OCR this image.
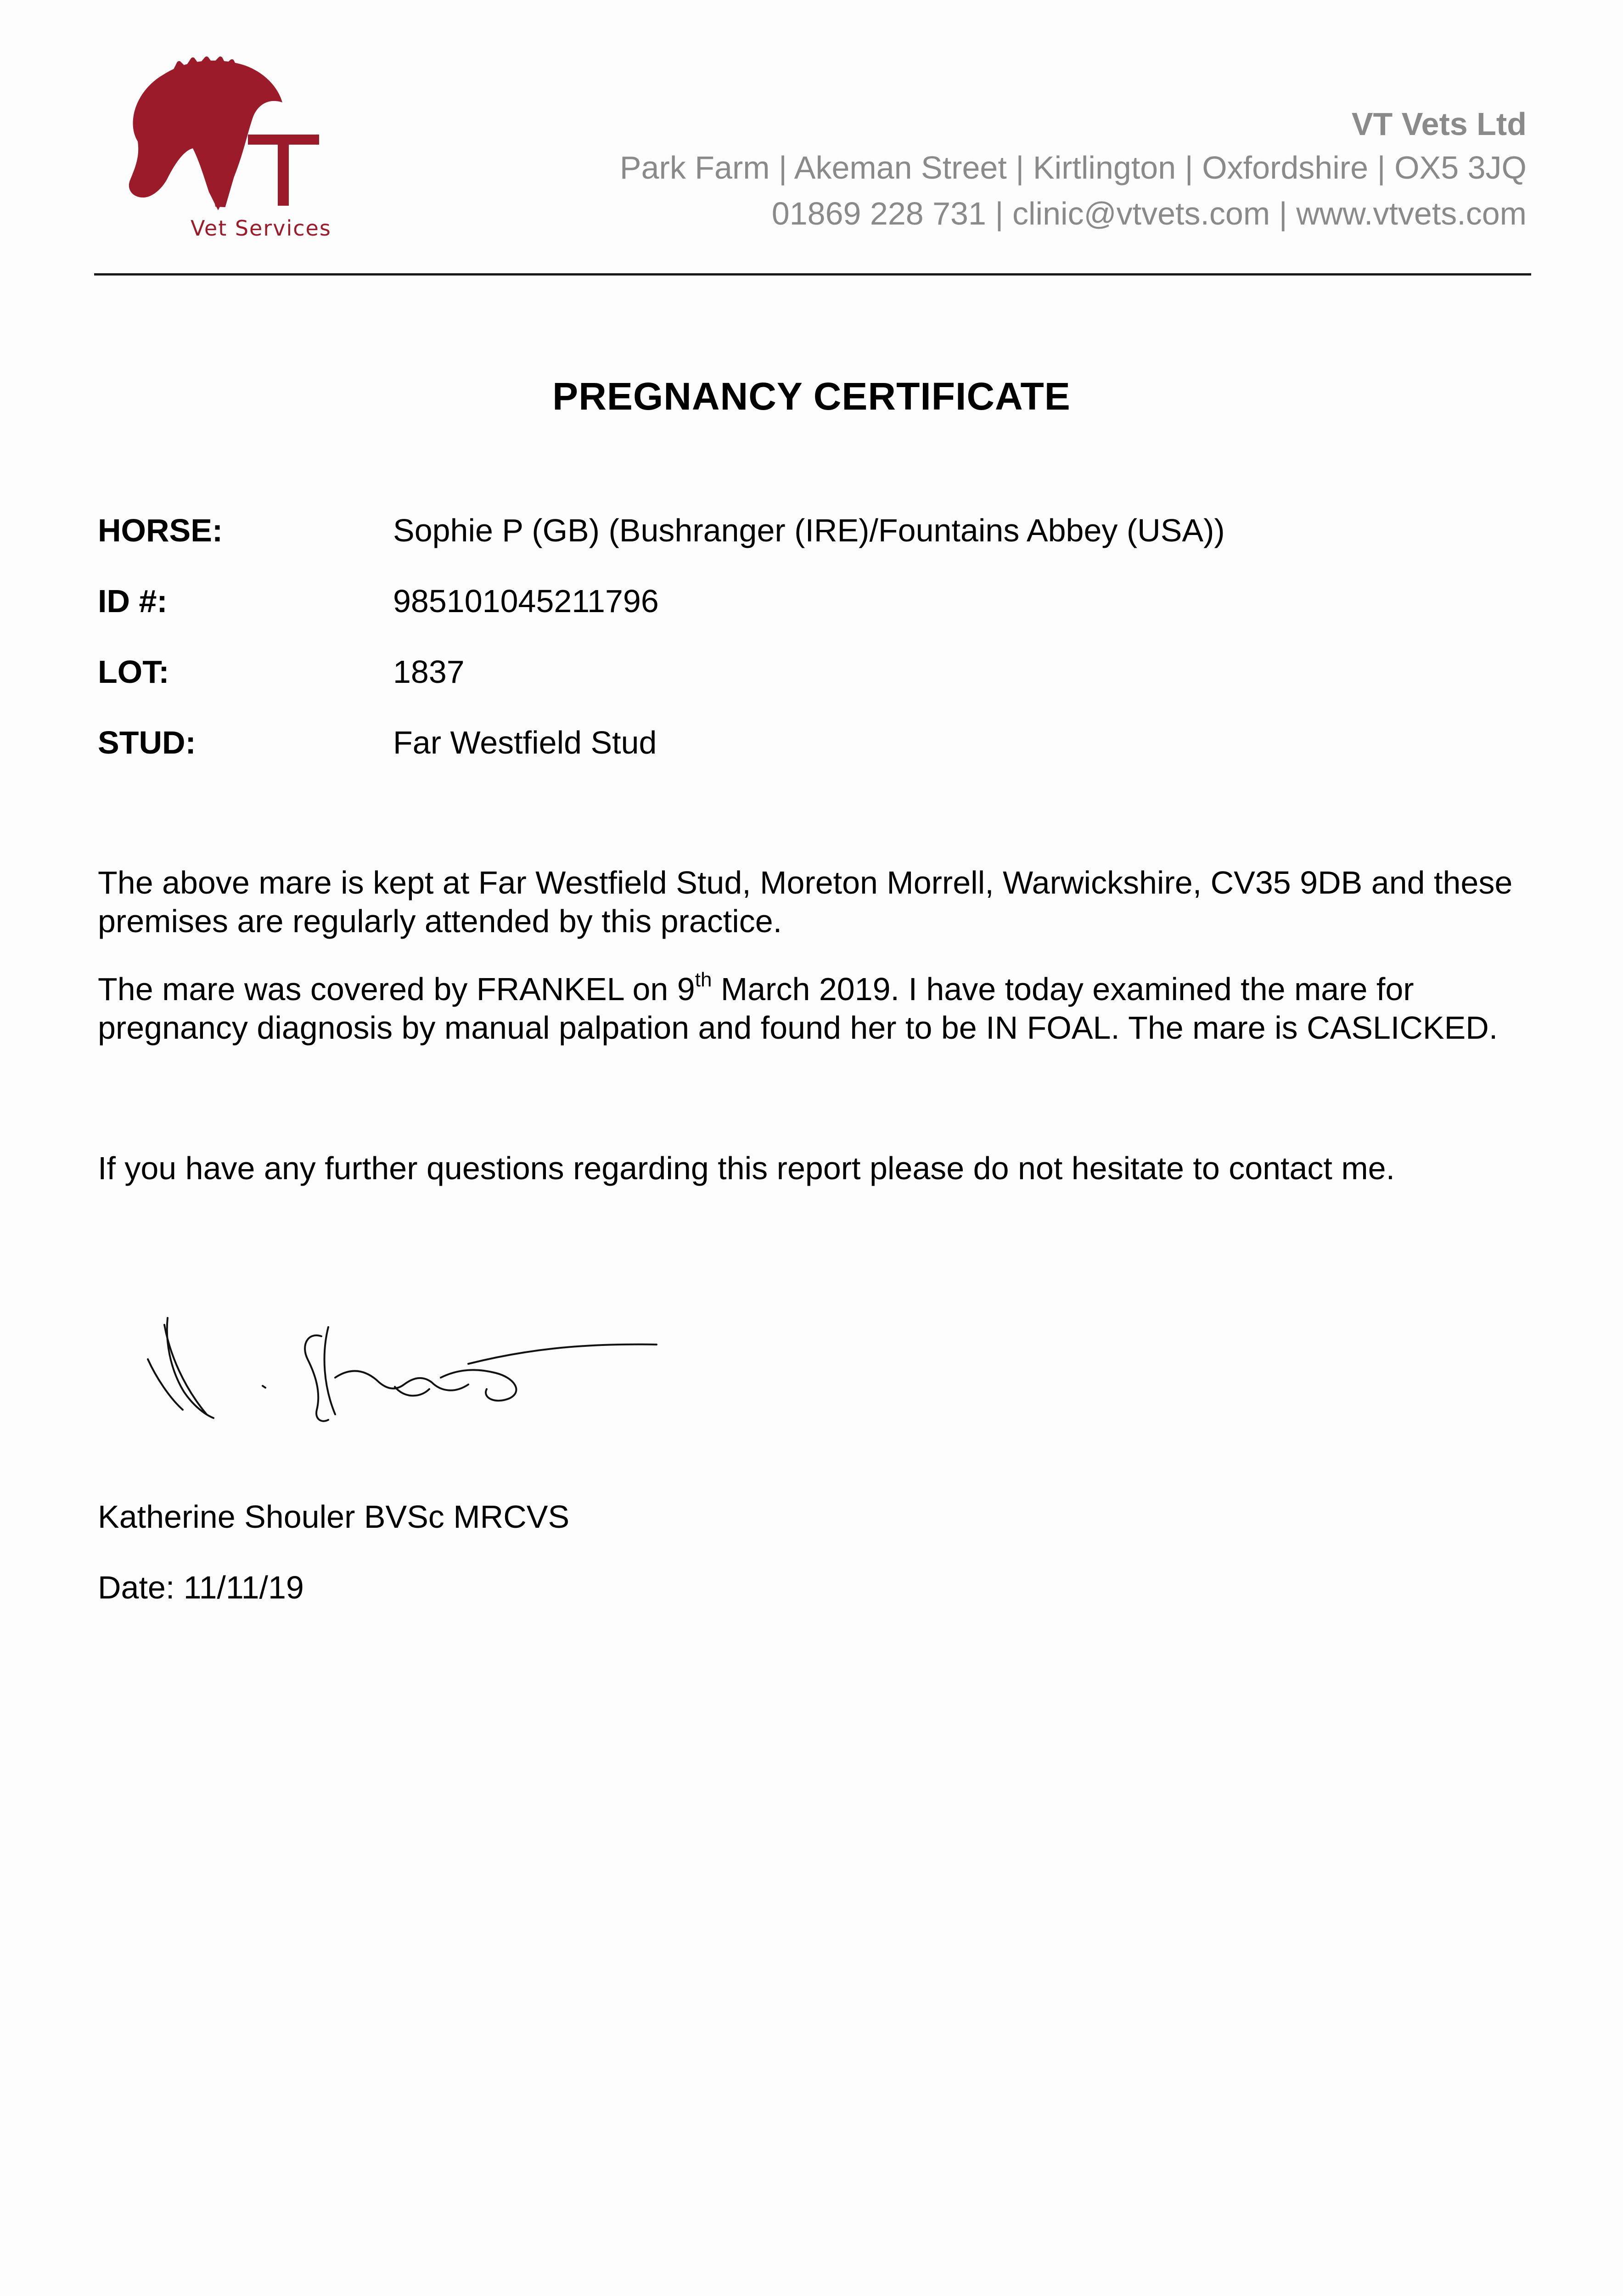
Vet Services

VT Vets Ltd

Park Farm | Akeman Street | Kirtlington | Oxfordshire | OX5 3JQ

01869 228 731 | clinic@vtvets.com | www.vtvets.com

PREGNANCY CERTIFICATE
HORSE:	Sophie P (GB) (Bushranger (IRE)/Fountains Abbey (USA))
ID #:	985101045211796
LOT:	1837
STUD:	Far Westfield Stud

The above mare is kept at Far Westfield Stud, Moreton Morrell, Warwickshire, CV35 9DB and these premises are regularly attended by this practice.

The mare was covered by FRANKEL on 9th March 2019. I have today examined the mare for pregnancy diagnosis by manual palpation and found her to be IN FOAL. The mare is CASLICKED.

If you have any further questions regarding this report please do not hesitate to contact me.

Katherine Shouler BVSc MRCVS
Date: 11/11/19
